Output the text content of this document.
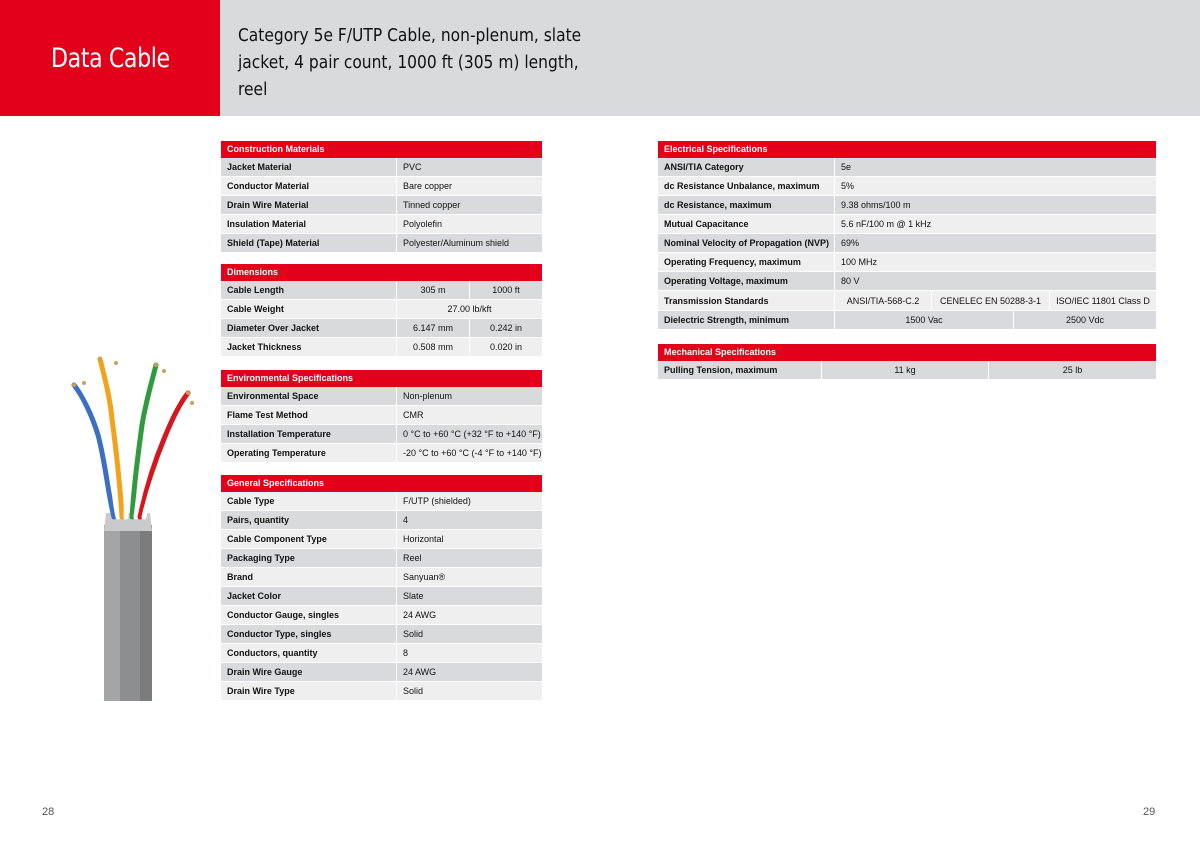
Data Cable
Category 5e F/UTP Cable, non-plenum, slate jacket, 4 pair count, 1000 ft (305 m) length, reel
Construction Materials
Jacket Material	PVC
Conductor Material	Bare copper
Drain Wire Material	Tinned copper
Insulation Material	Polyolefin
Shield (Tape) Material	Polyester/Aluminum shield
Dimensions
Cable Length	305 m	1000 ft
Cable Weight	27.00 lb/kft
Diameter Over Jacket	6.147 mm	0.242 in
Jacket Thickness	0.508 mm	0.020 in
Environmental Specifications
Environmental Space	Non-plenum
Flame Test Method	CMR
Installation Temperature	0 °C to +60 °C (+32 °F to +140 °F)
Operating Temperature	-20 °C to +60 °C (-4 °F to +140 °F)
General Specifications
Cable Type	F/UTP (shielded)
Pairs, quantity	4
Cable Component Type	Horizontal
Packaging Type	Reel
Brand	Sanyuan®
Jacket Color	Slate
Conductor Gauge, singles	24 AWG
Conductor Type, singles	Solid
Conductors, quantity	8
Drain Wire Gauge	24 AWG
Drain Wire Type	Solid
Electrical Specifications
ANSI/TIA Category	5e
dc Resistance Unbalance, maximum	5%
dc Resistance, maximum	9.38 ohms/100 m
Mutual Capacitance	5.6 nF/100 m @ 1 kHz
Nominal Velocity of Propagation (NVP)	69%
Operating Frequency, maximum	100 MHz
Operating Voltage, maximum	80 V
Transmission Standards	ANSI/TIA-568-C.2	CENELEC EN 50288-3-1	ISO/IEC 11801 Class D
Dielectric Strength, minimum	1500 Vac	2500 Vdc
Mechanical Specifications
Pulling Tension, maximum	11 kg	25 lb
28	29
